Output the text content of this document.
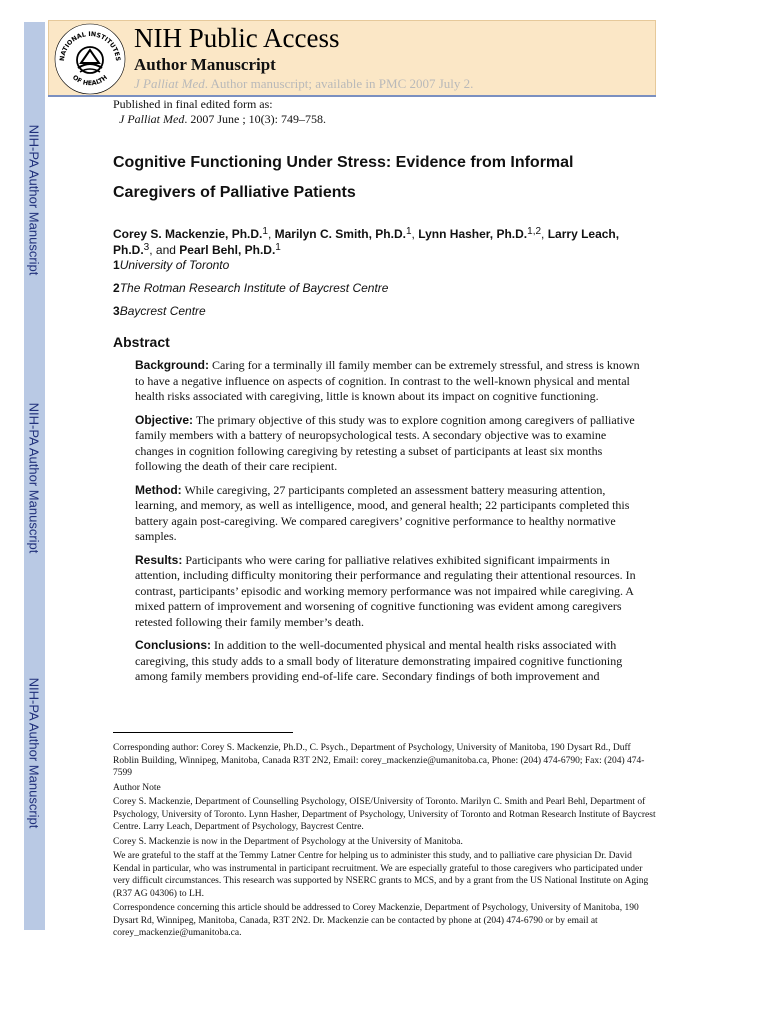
NIH-PA Author Manuscript
NIH-PA Author Manuscript
NIH-PA Author Manuscript
NATIONAL INSTITUTES
OF HEALTH
NIH Public Access
Author Manuscript
J Palliat Med. Author manuscript; available in PMC 2007 July 2.

Published in final edited form as:

J Palliat Med. 2007 June ; 10(3): 749–758.

Cognitive Functioning Under Stress: Evidence from Informal Caregivers of Palliative Patients

Corey S. Mackenzie, Ph.D.$^1$, Marilyn C. Smith, Ph.D.$^1$, Lynn Hasher, Ph.D.$^{1,2}$, Larry Leach, Ph.D.$^3$, and Pearl Behl, Ph.D.$^1$

1University of Toronto

2The Rotman Research Institute of Baycrest Centre

3Baycrest Centre

Abstract

Background: Caring for a terminally ill family member can be extremely stressful, and stress is known to have a negative influence on aspects of cognition. In contrast to the well-known physical and mental health risks associated with caregiving, little is known about its impact on cognitive functioning.

Objective: The primary objective of this study was to explore cognition among caregivers of palliative family members with a battery of neuropsychological tests. A secondary objective was to examine changes in cognition following caregiving by retesting a subset of participants at least six months following the death of their care recipient.

Method: While caregiving, 27 participants completed an assessment battery measuring attention, learning, and memory, as well as intelligence, mood, and general health; 22 participants completed this battery again post-caregiving. We compared caregivers’ cognitive performance to healthy normative samples.

Results: Participants who were caring for palliative relatives exhibited significant impairments in attention, including difficulty monitoring their performance and regulating their attentional resources. In contrast, participants’ episodic and working memory performance was not impaired while caregiving. A mixed pattern of improvement and worsening of cognitive functioning was evident among caregivers retested following their family member’s death.

Conclusions: In addition to the well-documented physical and mental health risks associated with caregiving, this study adds to a small body of literature demonstrating impaired cognitive functioning among family members providing end-of-life care. Secondary findings of both improvement and

Corresponding author: Corey S. Mackenzie, Ph.D., C. Psych., Department of Psychology, University of Manitoba, 190 Dysart Rd., Duff Roblin Building, Winnipeg, Manitoba, Canada R3T 2N2, Email: corey_mackenzie@umanitoba.ca, Phone: (204) 474-6790; Fax: (204) 474-7599

Author Note

Corey S. Mackenzie, Department of Counselling Psychology, OISE/University of Toronto. Marilyn C. Smith and Pearl Behl, Department of Psychology, University of Toronto. Lynn Hasher, Department of Psychology, University of Toronto and Rotman Research Institute of Baycrest Centre. Larry Leach, Department of Psychology, Baycrest Centre.

Corey S. Mackenzie is now in the Department of Psychology at the University of Manitoba.

We are grateful to the staff at the Temmy Latner Centre for helping us to administer this study, and to palliative care physician Dr. David Kendal in particular, who was instrumental in participant recruitment. We are especially grateful to those caregivers who participated under very difficult circumstances. This research was supported by NSERC grants to MCS, and by a grant from the US National Institute on Aging (R37 AG 04306) to LH.

Correspondence concerning this article should be addressed to Corey Mackenzie, Department of Psychology, University of Manitoba, 190 Dysart Rd, Winnipeg, Manitoba, Canada, R3T 2N2. Dr. Mackenzie can be contacted by phone at (204) 474-6790 or by email at corey_mackenzie@umanitoba.ca.
